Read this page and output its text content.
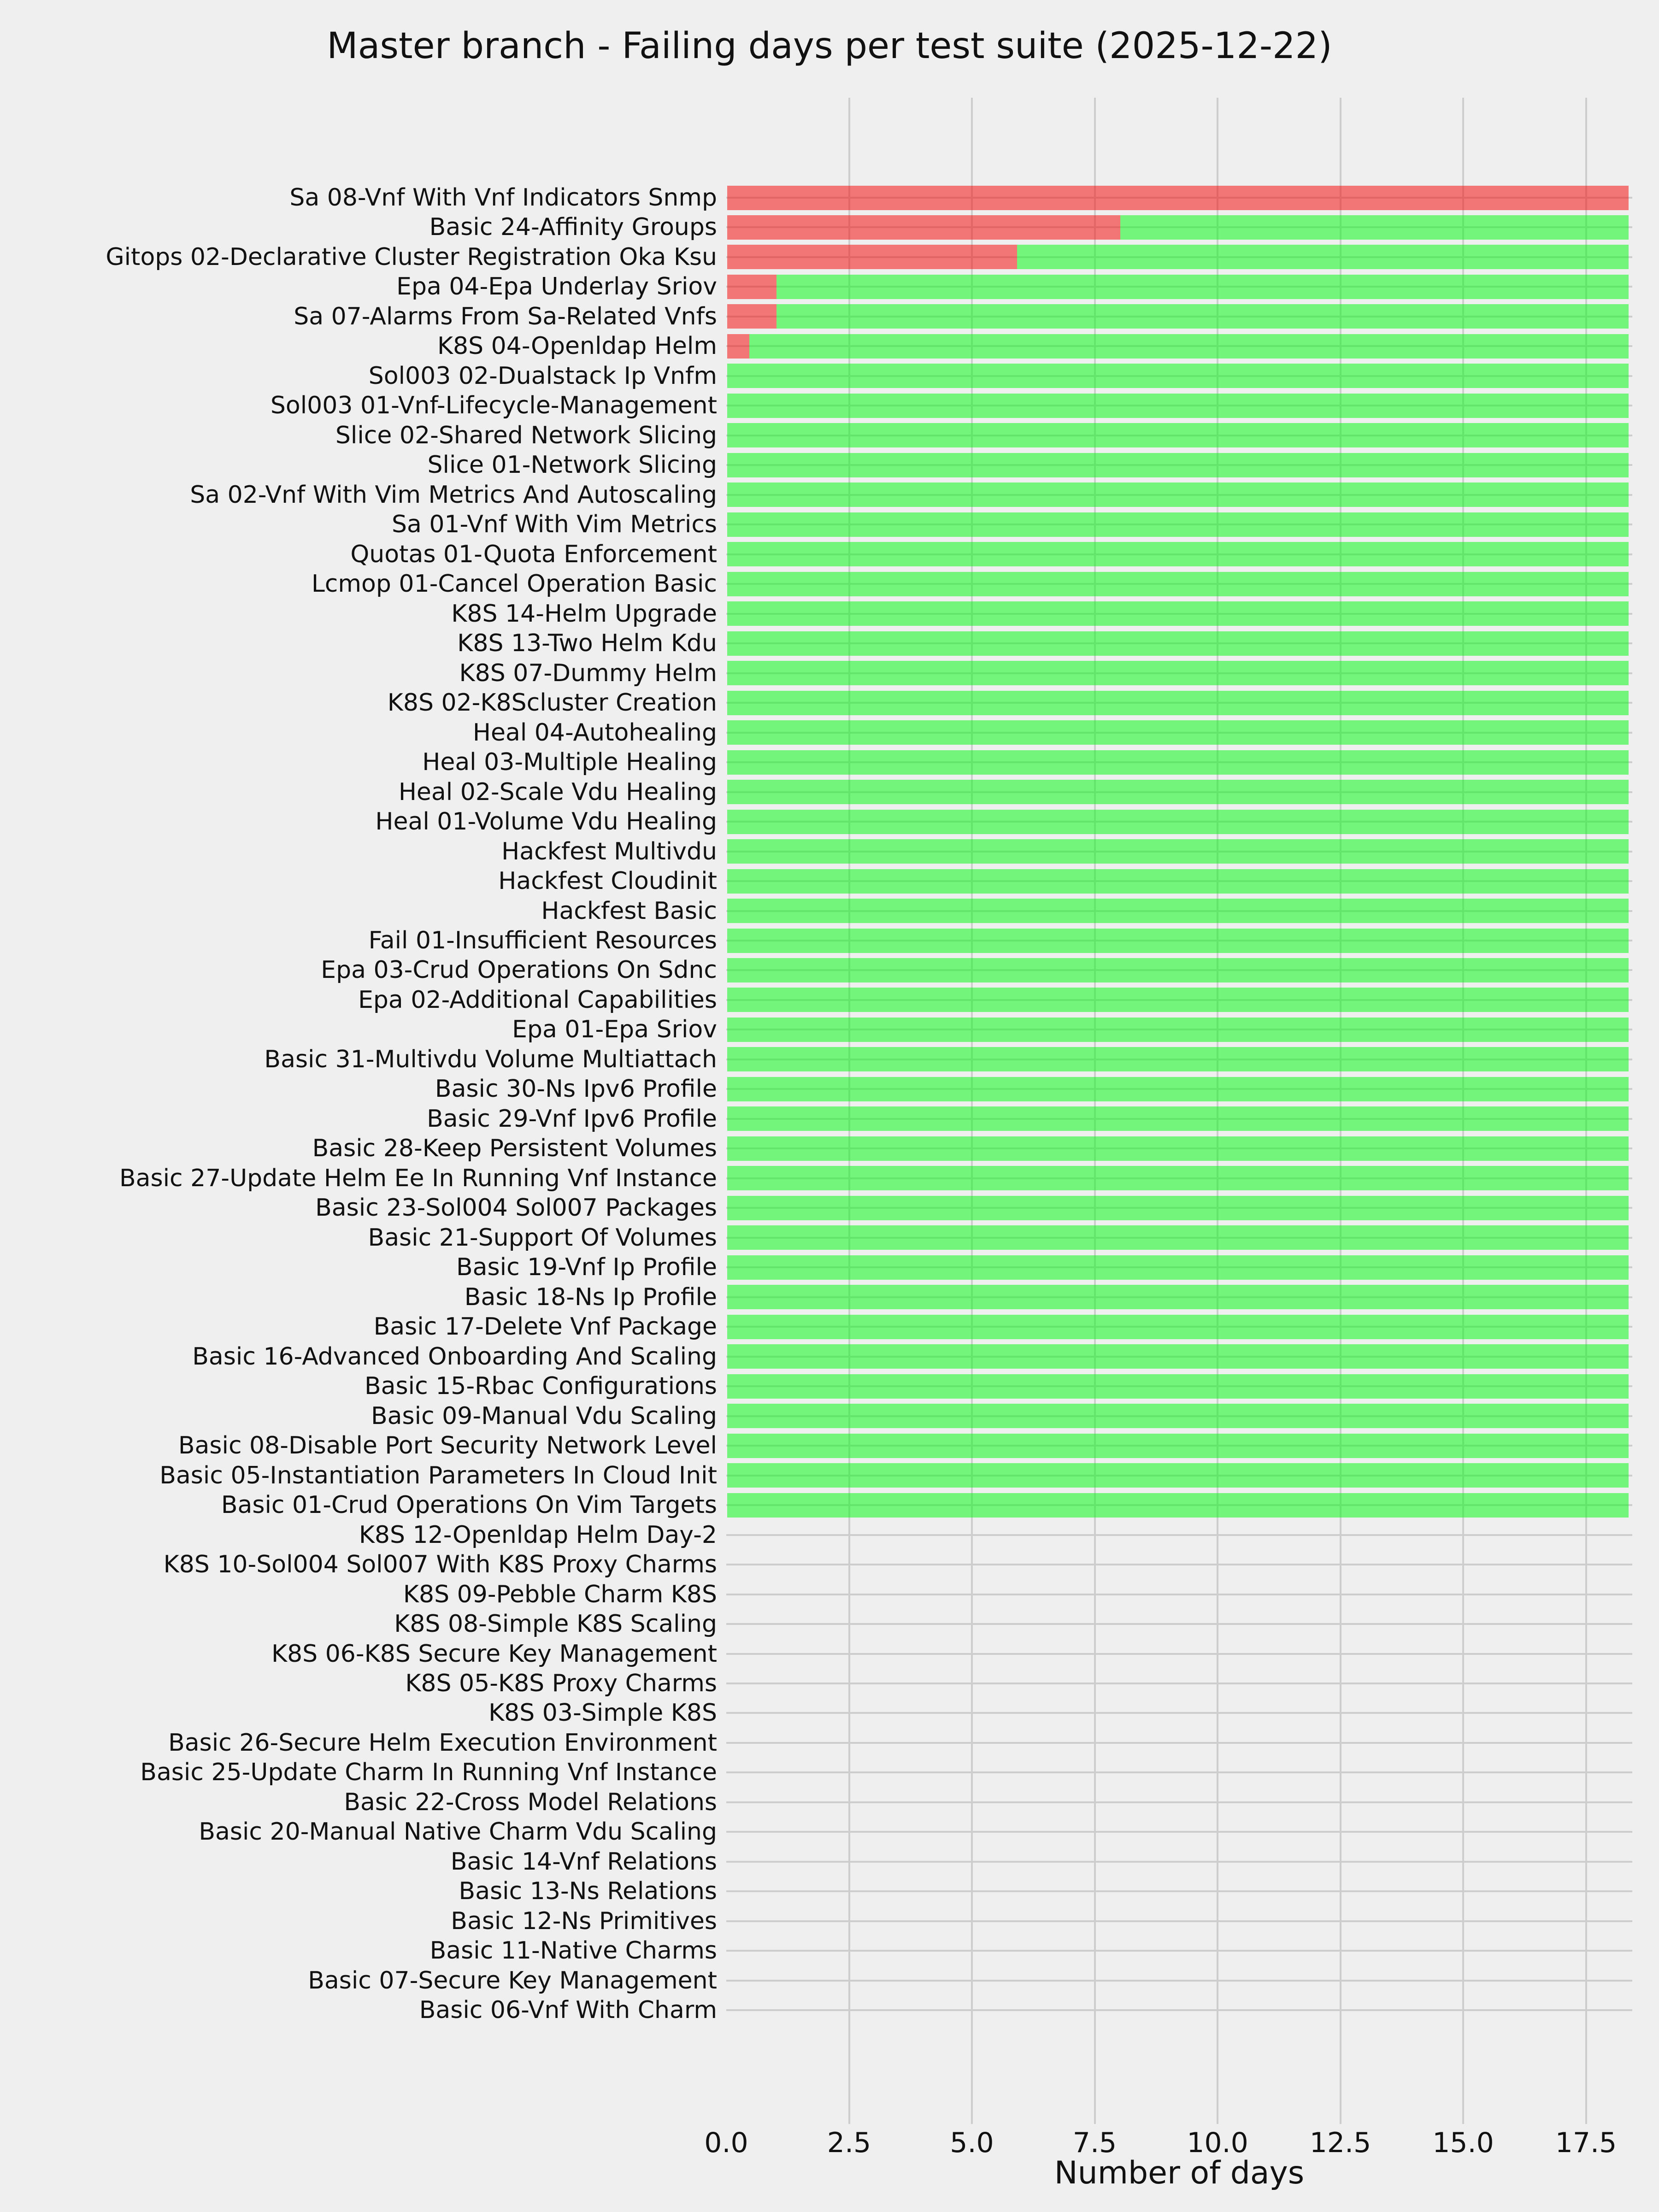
Master branch - Failing days per test suite (2025-12-22)
Sa 08-Vnf With Vnf Indicators Snmp
Basic 24-Affinity Groups
Gitops 02-Declarative Cluster Registration Oka Ksu
Epa 04-Epa Underlay Sriov
Sa 07-Alarms From Sa-Related Vnfs
K8S 04-Openldap Helm
Sol003 02-Dualstack Ip Vnfm
Sol003 01-Vnf-Lifecycle-Management
Slice 02-Shared Network Slicing
Slice 01-Network Slicing
Sa 02-Vnf With Vim Metrics And Autoscaling
Sa 01-Vnf With Vim Metrics
Quotas 01-Quota Enforcement
Lcmop 01-Cancel Operation Basic
K8S 14-Helm Upgrade
K8S 13-Two Helm Kdu
K8S 07-Dummy Helm
K8S 02-K8Scluster Creation
Heal 04-Autohealing
Heal 03-Multiple Healing
Heal 02-Scale Vdu Healing
Heal 01-Volume Vdu Healing
Hackfest Multivdu
Hackfest Cloudinit
Hackfest Basic
Fail 01-Insufficient Resources
Epa 03-Crud Operations On Sdnc
Epa 02-Additional Capabilities
Epa 01-Epa Sriov
Basic 31-Multivdu Volume Multiattach
Basic 30-Ns Ipv6 Profile
Basic 29-Vnf Ipv6 Profile
Basic 28-Keep Persistent Volumes
Basic 27-Update Helm Ee In Running Vnf Instance
Basic 23-Sol004 Sol007 Packages
Basic 21-Support Of Volumes
Basic 19-Vnf Ip Profile
Basic 18-Ns Ip Profile
Basic 17-Delete Vnf Package
Basic 16-Advanced Onboarding And Scaling
Basic 15-Rbac Configurations
Basic 09-Manual Vdu Scaling
Basic 08-Disable Port Security Network Level
Basic 05-Instantiation Parameters In Cloud Init
Basic 01-Crud Operations On Vim Targets
K8S 12-Openldap Helm Day-2
K8S 10-Sol004 Sol007 With K8S Proxy Charms
K8S 09-Pebble Charm K8S
K8S 08-Simple K8S Scaling
K8S 06-K8S Secure Key Management
K8S 05-K8S Proxy Charms
K8S 03-Simple K8S
Basic 26-Secure Helm Execution Environment
Basic 25-Update Charm In Running Vnf Instance
Basic 22-Cross Model Relations
Basic 20-Manual Native Charm Vdu Scaling
Basic 14-Vnf Relations
Basic 13-Ns Relations
Basic 12-Ns Primitives
Basic 11-Native Charms
Basic 07-Secure Key Management
Basic 06-Vnf With Charm
0.0	2.5	5.0	7.5	10.0 12.5 15.0 17.5
Number of days
